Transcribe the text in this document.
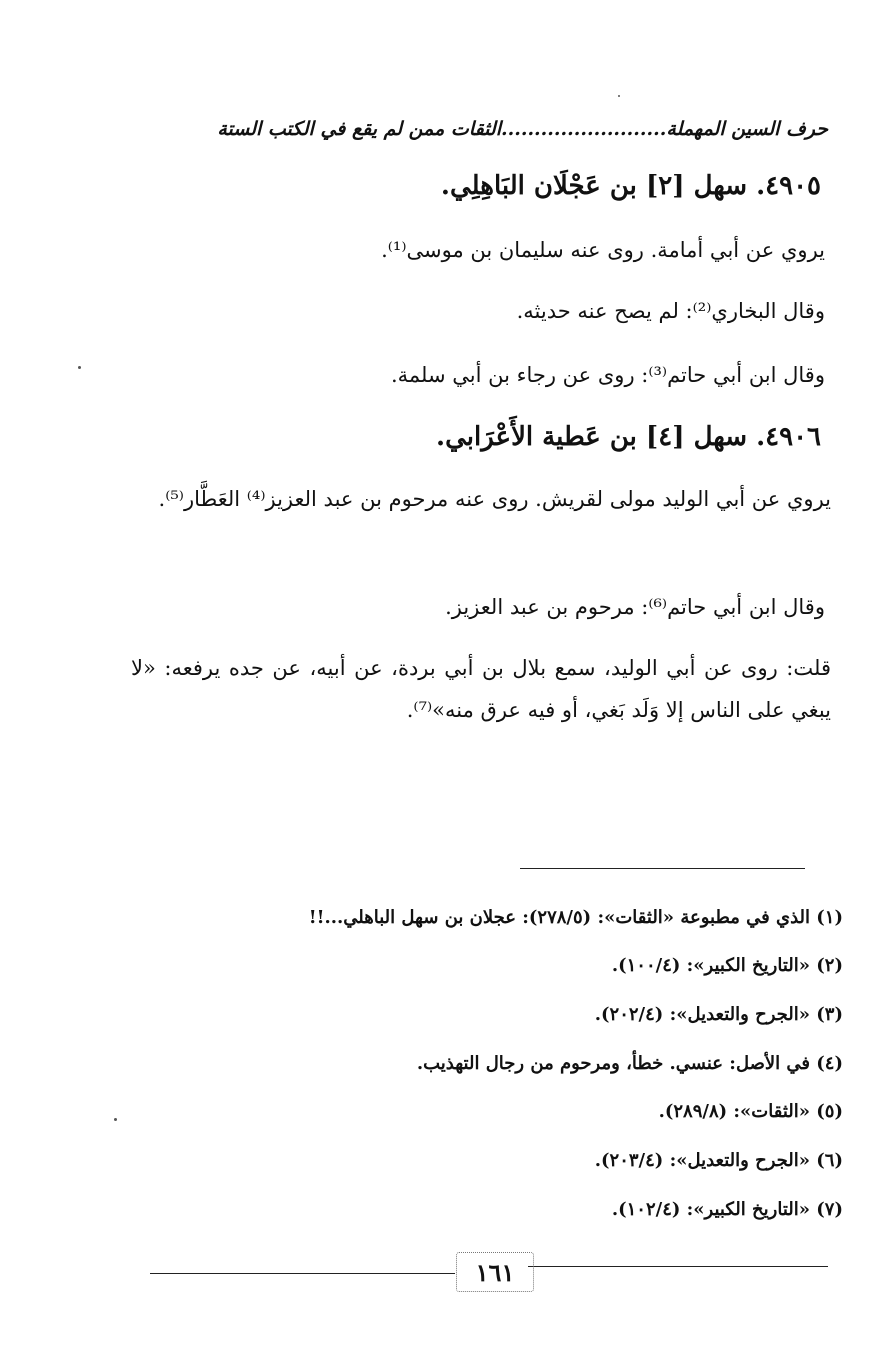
حرف السين المهملة.........................الثقات ممن لم يقع في الكتب الستة
٤٩٠٥. سهل [٢] بن عَجْلَان البَاهِلِي.
يروي عن أبي أمامة. روى عنه سليمان بن موسى⁽¹⁾.
وقال البخاري⁽²⁾: لم يصح عنه حديثه.
وقال ابن أبي حاتم⁽³⁾: روى عن رجاء بن أبي سلمة.
٤٩٠٦. سهل [٤] بن عَطية الأَعْرَابي.
يروي عن أبي الوليد مولى لقريش. روى عنه مرحوم بن عبد العزيز⁽⁴⁾ العَطَّار⁽⁵⁾.
وقال ابن أبي حاتم⁽⁶⁾: مرحوم بن عبد العزيز.
قلت: روى عن أبي الوليد، سمع بلال بن أبي بردة، عن أبيه، عن جده يرفعه: «لا يبغي على الناس إلا وَلَد بَغي، أو فيه عرق منه»⁽⁷⁾.
(١) الذي في مطبوعة «الثقات»: (٢٧٨/٥): عجلان بن سهل الباهلي...!!
(٢) «التاريخ الكبير»: (١٠٠/٤).
(٣) «الجرح والتعديل»: (٢٠٢/٤).
(٤) في الأصل: عنسي. خطأ، ومرحوم من رجال التهذيب.
(٥) «الثقات»: (٢٨٩/٨).
(٦) «الجرح والتعديل»: (٢٠٣/٤).
(٧) «التاريخ الكبير»: (١٠٢/٤).
١٦١
